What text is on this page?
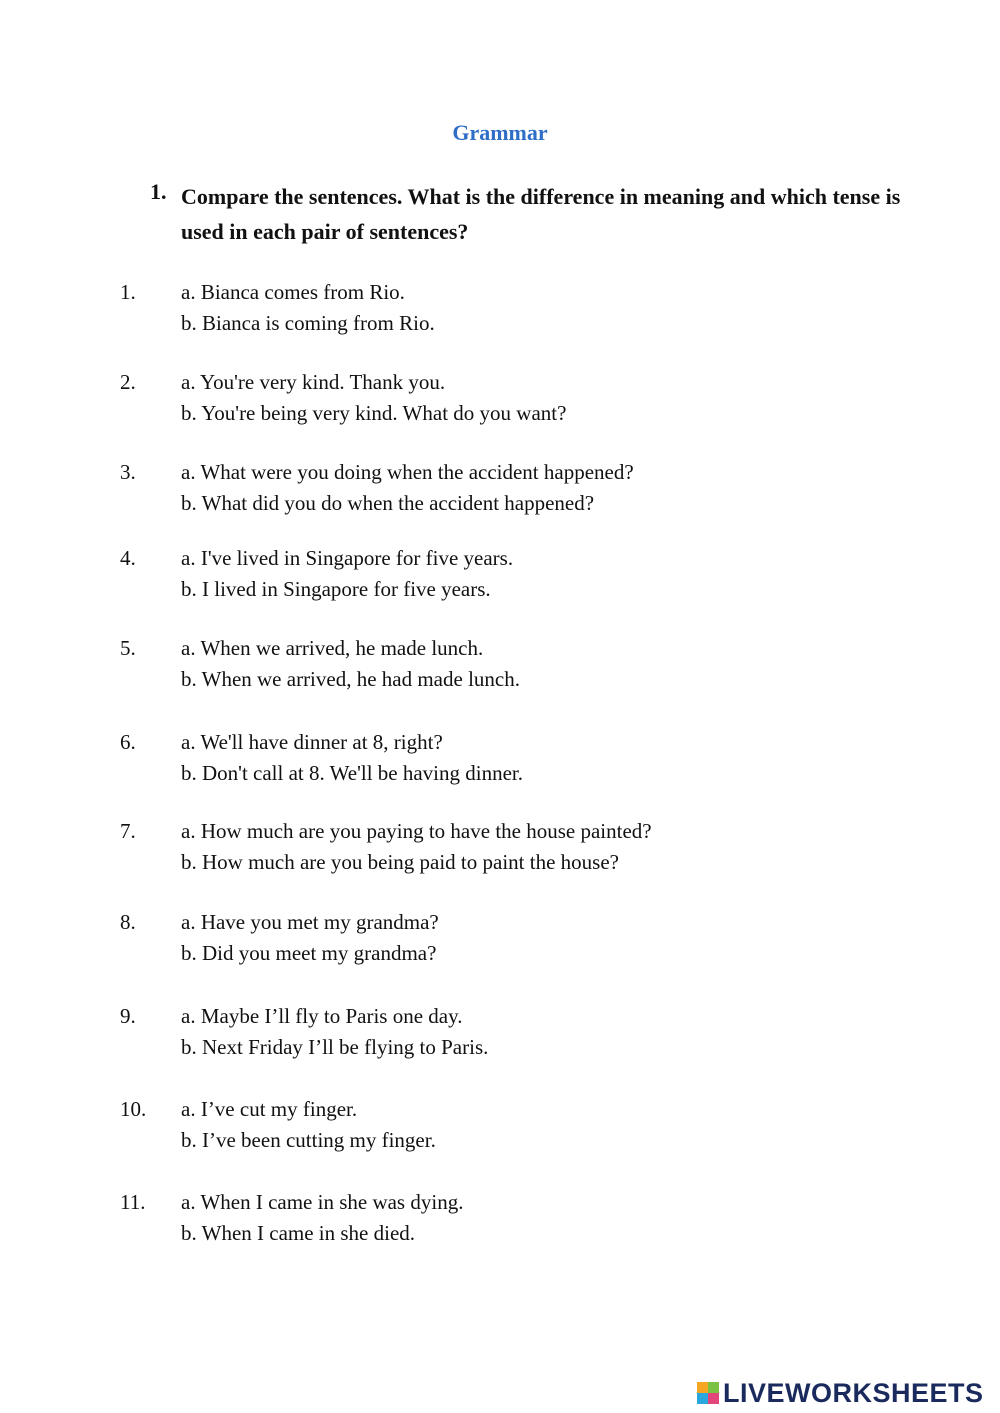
Grammar
1. Compare the sentences. What is the difference in meaning and which tense is used in each pair of sentences?
1. a. Bianca comes from Rio.
b. Bianca is coming from Rio.
2. a. You're very kind. Thank you.
b. You're being very kind. What do you want?
3. a. What were you doing when the accident happened?
b. What did you do when the accident happened?
4. a. I've lived in Singapore for five years.
b. I lived in Singapore for five years.
5. a. When we arrived, he made lunch.
b. When we arrived, he had made lunch.
6. a. We'll have dinner at 8, right?
b. Don't call at 8. We'll be having dinner.
7. a. How much are you paying to have the house painted?
b. How much are you being paid to paint the house?
8. a. Have you met my grandma?
b. Did you meet my grandma?
9. a. Maybe I’ll fly to Paris one day.
b. Next Friday I’ll be flying to Paris.
10. a. I’ve cut my finger.
b. I’ve been cutting my finger.
11. a. When I came in she was dying.
b. When I came in she died.
LIVEWORKSHEETS
